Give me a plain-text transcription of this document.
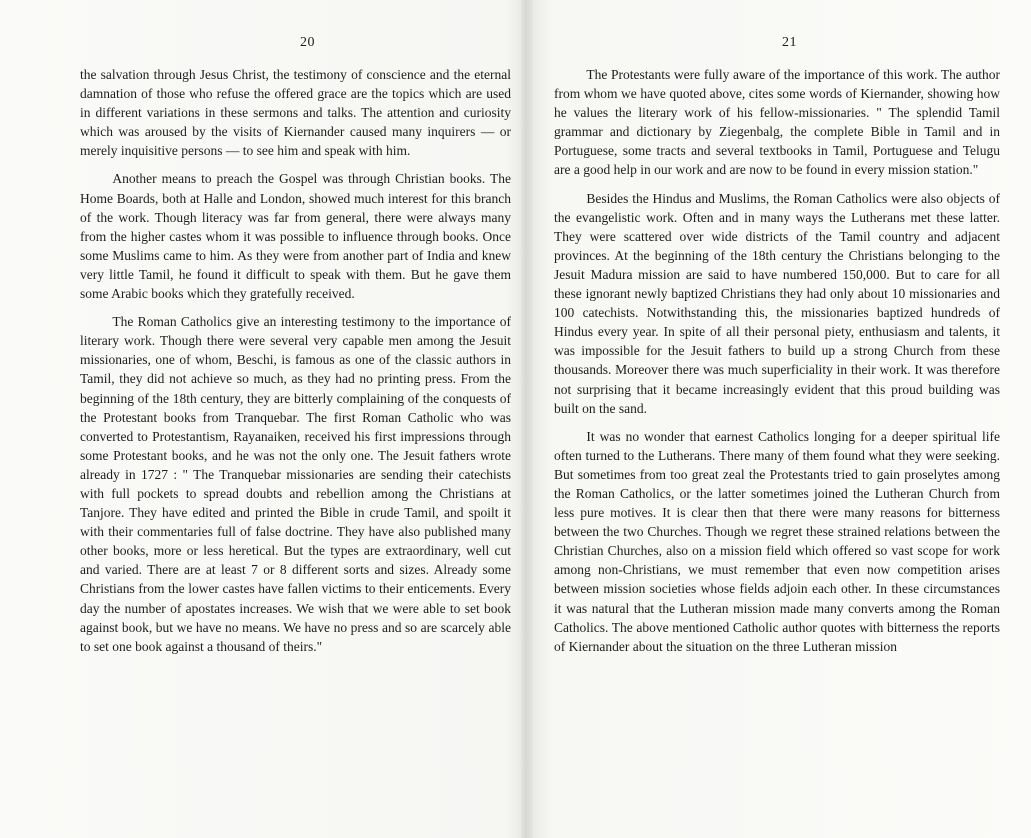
20

the salvation through Jesus Christ, the testimony of conscience and the eternal damnation of those who refuse the offered grace are the topics which are used in different variations in these sermons and talks. The attention and curiosity which was aroused by the visits of Kiernander caused many inquirers — or merely inquisitive persons — to see him and speak with him.

Another means to preach the Gospel was through Christian books. The Home Boards, both at Halle and London, showed much interest for this branch of the work. Though literacy was far from general, there were always many from the higher castes whom it was possible to influence through books. Once some Muslims came to him. As they were from another part of India and knew very little Tamil, he found it difficult to speak with them. But he gave them some Arabic books which they gratefully received.

The Roman Catholics give an interesting testimony to the importance of literary work. Though there were several very capable men among the Jesuit missionaries, one of whom, Beschi, is famous as one of the classic authors in Tamil, they did not achieve so much, as they had no printing press. From the beginning of the 18th century, they are bitterly complaining of the conquests of the Protestant books from Tranquebar. The first Roman Catholic who was converted to Protestantism, Rayanaiken, received his first impressions through some Protestant books, and he was not the only one. The Jesuit fathers wrote already in 1727 : " The Tranquebar missionaries are sending their catechists with full pockets to spread doubts and rebellion among the Christians at Tanjore. They have edited and printed the Bible in crude Tamil, and spoilt it with their commentaries full of false doctrine. They have also published many other books, more or less heretical. But the types are extraordinary, well cut and varied. There are at least 7 or 8 different sorts and sizes. Already some Christians from the lower castes have fallen victims to their enticements. Every day the number of apostates increases. We wish that we were able to set book against book, but we have no means. We have no press and so are scarcely able to set one book against a thousand of theirs."

21

The Protestants were fully aware of the importance of this work. The author from whom we have quoted above, cites some words of Kiernander, showing how he values the literary work of his fellow-missionaries. " The splendid Tamil grammar and dictionary by Ziegenbalg, the complete Bible in Tamil and in Portuguese, some tracts and several textbooks in Tamil, Portuguese and Telugu are a good help in our work and are now to be found in every mission station."

Besides the Hindus and Muslims, the Roman Catholics were also objects of the evangelistic work. Often and in many ways the Lutherans met these latter. They were scattered over wide districts of the Tamil country and adjacent provinces. At the beginning of the 18th century the Christians belonging to the Jesuit Madura mission are said to have numbered 150,000. But to care for all these ignorant newly baptized Christians they had only about 10 missionaries and 100 catechists. Notwithstanding this, the missionaries baptized hundreds of Hindus every year. In spite of all their personal piety, enthusiasm and talents, it was impossible for the Jesuit fathers to build up a strong Church from these thousands. Moreover there was much superficiality in their work. It was therefore not surprising that it became increasingly evident that this proud building was built on the sand.

It was no wonder that earnest Catholics longing for a deeper spiritual life often turned to the Lutherans. There many of them found what they were seeking. But sometimes from too great zeal the Protestants tried to gain proselytes among the Roman Catholics, or the latter sometimes joined the Lutheran Church from less pure motives. It is clear then that there were many reasons for bitterness between the two Churches. Though we regret these strained relations between the Christian Churches, also on a mission field which offered so vast scope for work among non-Christians, we must remember that even now competition arises between mission societies whose fields adjoin each other. In these circumstances it was natural that the Lutheran mission made many converts among the Roman Catholics. The above mentioned Catholic author quotes with bitterness the reports of Kiernander about the situation on the three Lutheran mission
